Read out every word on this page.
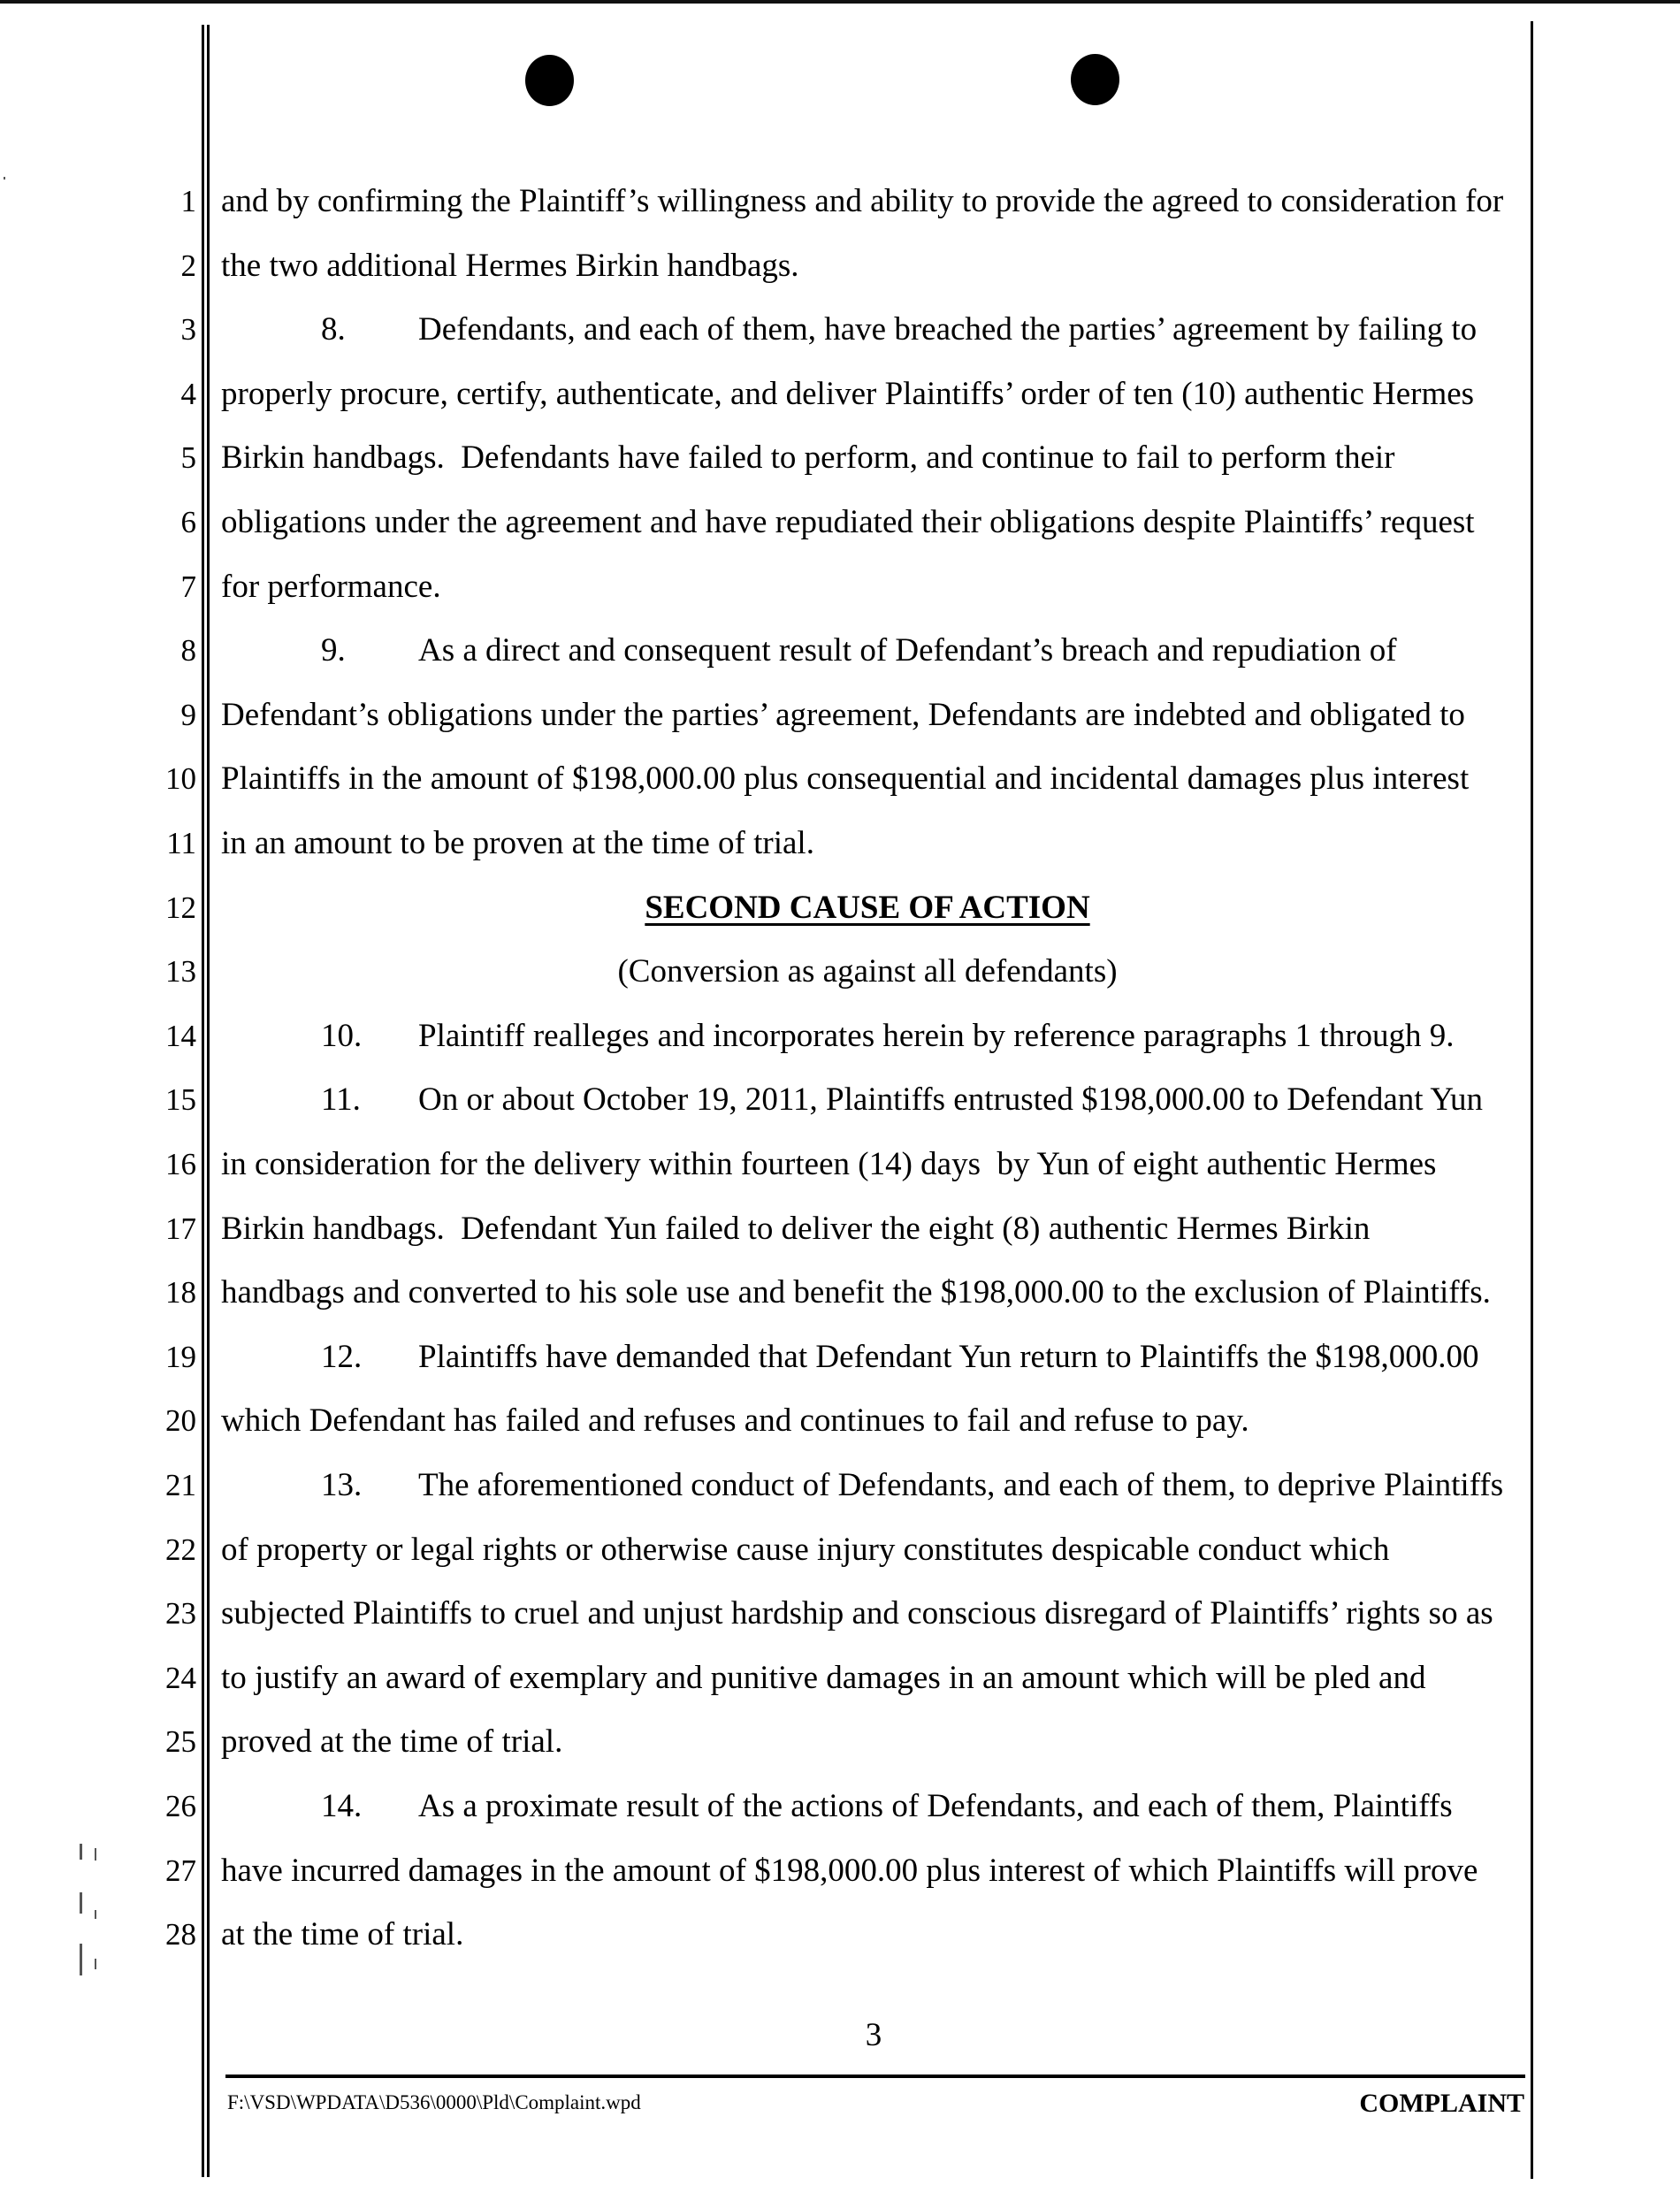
1
2
3
4
5
6
7
8
9
10
11
12
13
14
15
16
17
18
19
20
21
22
23
24
25
26
27
28
and by confirming the Plaintiff’s willingness and ability to provide the agreed to consideration for
the two additional Hermes Birkin handbags.
8. Defendants, and each of them, have breached the parties’ agreement by failing to
properly procure, certify, authenticate, and deliver Plaintiffs’ order of ten (10) authentic Hermes
Birkin handbags.  Defendants have failed to perform, and continue to fail to perform their
obligations under the agreement and have repudiated their obligations despite Plaintiffs’ request
for performance.
9. As a direct and consequent result of Defendant’s breach and repudiation of
Defendant’s obligations under the parties’ agreement, Defendants are indebted and obligated to
Plaintiffs in the amount of $198,000.00 plus consequential and incidental damages plus interest
in an amount to be proven at the time of trial.
SECOND CAUSE OF ACTION
(Conversion as against all defendants)
10. Plaintiff realleges and incorporates herein by reference paragraphs 1 through 9.
11. On or about October 19, 2011, Plaintiffs entrusted $198,000.00 to Defendant Yun
in consideration for the delivery within fourteen (14) days  by Yun of eight authentic Hermes
Birkin handbags.  Defendant Yun failed to deliver the eight (8) authentic Hermes Birkin
handbags and converted to his sole use and benefit the $198,000.00 to the exclusion of Plaintiffs.
12. Plaintiffs have demanded that Defendant Yun return to Plaintiffs the $198,000.00
which Defendant has failed and refuses and continues to fail and refuse to pay.
13. The aforementioned conduct of Defendants, and each of them, to deprive Plaintiffs
of property or legal rights or otherwise cause injury constitutes despicable conduct which
subjected Plaintiffs to cruel and unjust hardship and conscious disregard of Plaintiffs’ rights so as
to justify an award of exemplary and punitive damages in an amount which will be pled and
proved at the time of trial.
14. As a proximate result of the actions of Defendants, and each of them, Plaintiffs
have incurred damages in the amount of $198,000.00 plus interest of which Plaintiffs will prove
at the time of trial.
3
F:\VSD\WPDATA\D536\0000\Pld\Complaint.wpd	COMPLAINT
